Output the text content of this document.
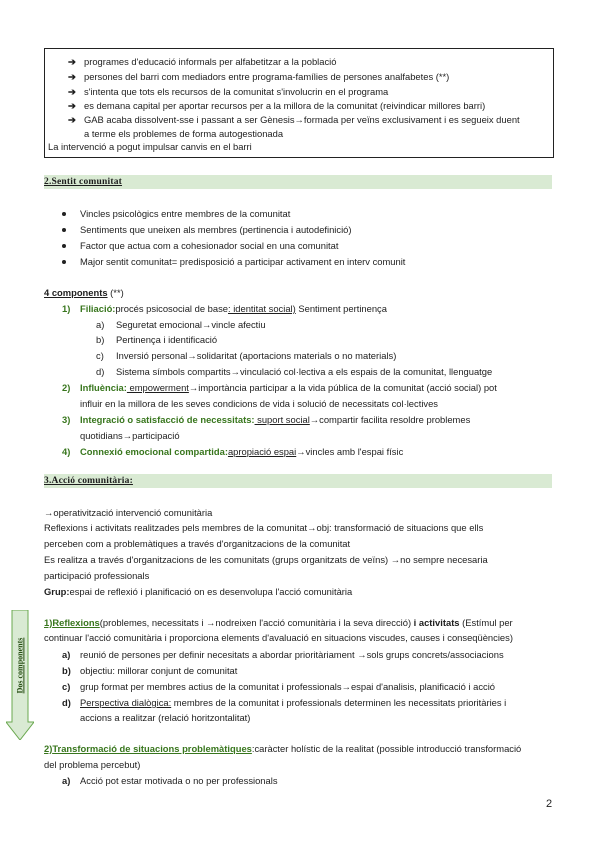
➔ programes d'educació informals per alfabetitzar a la població
➔ persones del barri com mediadors entre programa-famílies de persones analfabetes (**)
➔ s'intenta que tots els recursos de la comunitat s'involucrin en el programa
➔ es demana capital per aportar recursos per a la millora de la comunitat (reivindicar millores barri)
➔ GAB acaba dissolvent-sse i passant a ser Gènesis→formada per veïns exclusivament i es segueix duent
a terme els problemes de forma autogestionada
La intervenció a pogut impulsar canvis en el barri
2.Sentit comunitat
Vincles psicològics entre membres de la comunitat
Sentiments que uneixen als membres (pertinencia i autodefinició)
Factor que actua com a cohesionador social en una comunitat
Major sentit comunitat= predisposició a participar activament en interv comunit
4 components (**)
1) Filiació:procés psicosocial de base: identitat social) Sentiment pertinença
a) Seguretat emocional→vincle afectiu
b) Pertinença i identificació
c) Inversió personal→solidaritat (aportacions materials o no materials)
d) Sistema símbols compartits→vinculació col·lectiva a els espais de la comunitat, llenguatge
2) Influència: empowerment→importància participar a la vida pública de la comunitat (acció social) pot
influir en la millora de les seves condicions de vida i solució de necessitats col·lectives
3) Integració o satisfacció de necessitats: suport social→compartir facilita resoldre problemes
quotidians→participació
4) Connexió emocional compartida:apropiació espai→vincles amb l'espai físic
3.Acció comunitària:
→operativització intervenció comunitària
Reflexions i activitats realitzades pels membres de la comunitat→obj: transformació de situacions que ells
perceben com a problemàtiques a través d'organitzacions de la comunitat
Es realitza a través d'organitzacions de les comunitats (grups organitzats de veïns) →no sempre necesaria
participació professionals
Grup:espai de reflexió i planificació on es desenvolupa l'acció comunitària
Dos components
1)Reflexions(problemes, necessitats i →nodreixen l'acció comunitària i la seva direcció) i activitats (Estímul per
continuar l'acció comunitària i proporciona elements d'avaluació en situacions viscudes, causes i conseqüències)
a) reunió de persones per definir necesitats a abordar prioritàriament →sols grups concrets/associacions
b) objectiu: millorar conjunt de comunitat
c) grup format per membres actius de la comunitat i professionals→espai d'analisis, planificació i acció
d) Perspectiva dialògica: membres de la comunitat i professionals determinen les necessitats prioritàries i
accions a realitzar (relació horitzontalitat)
2)Transformació de situacions problemàtiques:caràcter holístic de la realitat (possible introducció transformació
del problema percebut)
a) Acció pot estar motivada o no per professionals
2
